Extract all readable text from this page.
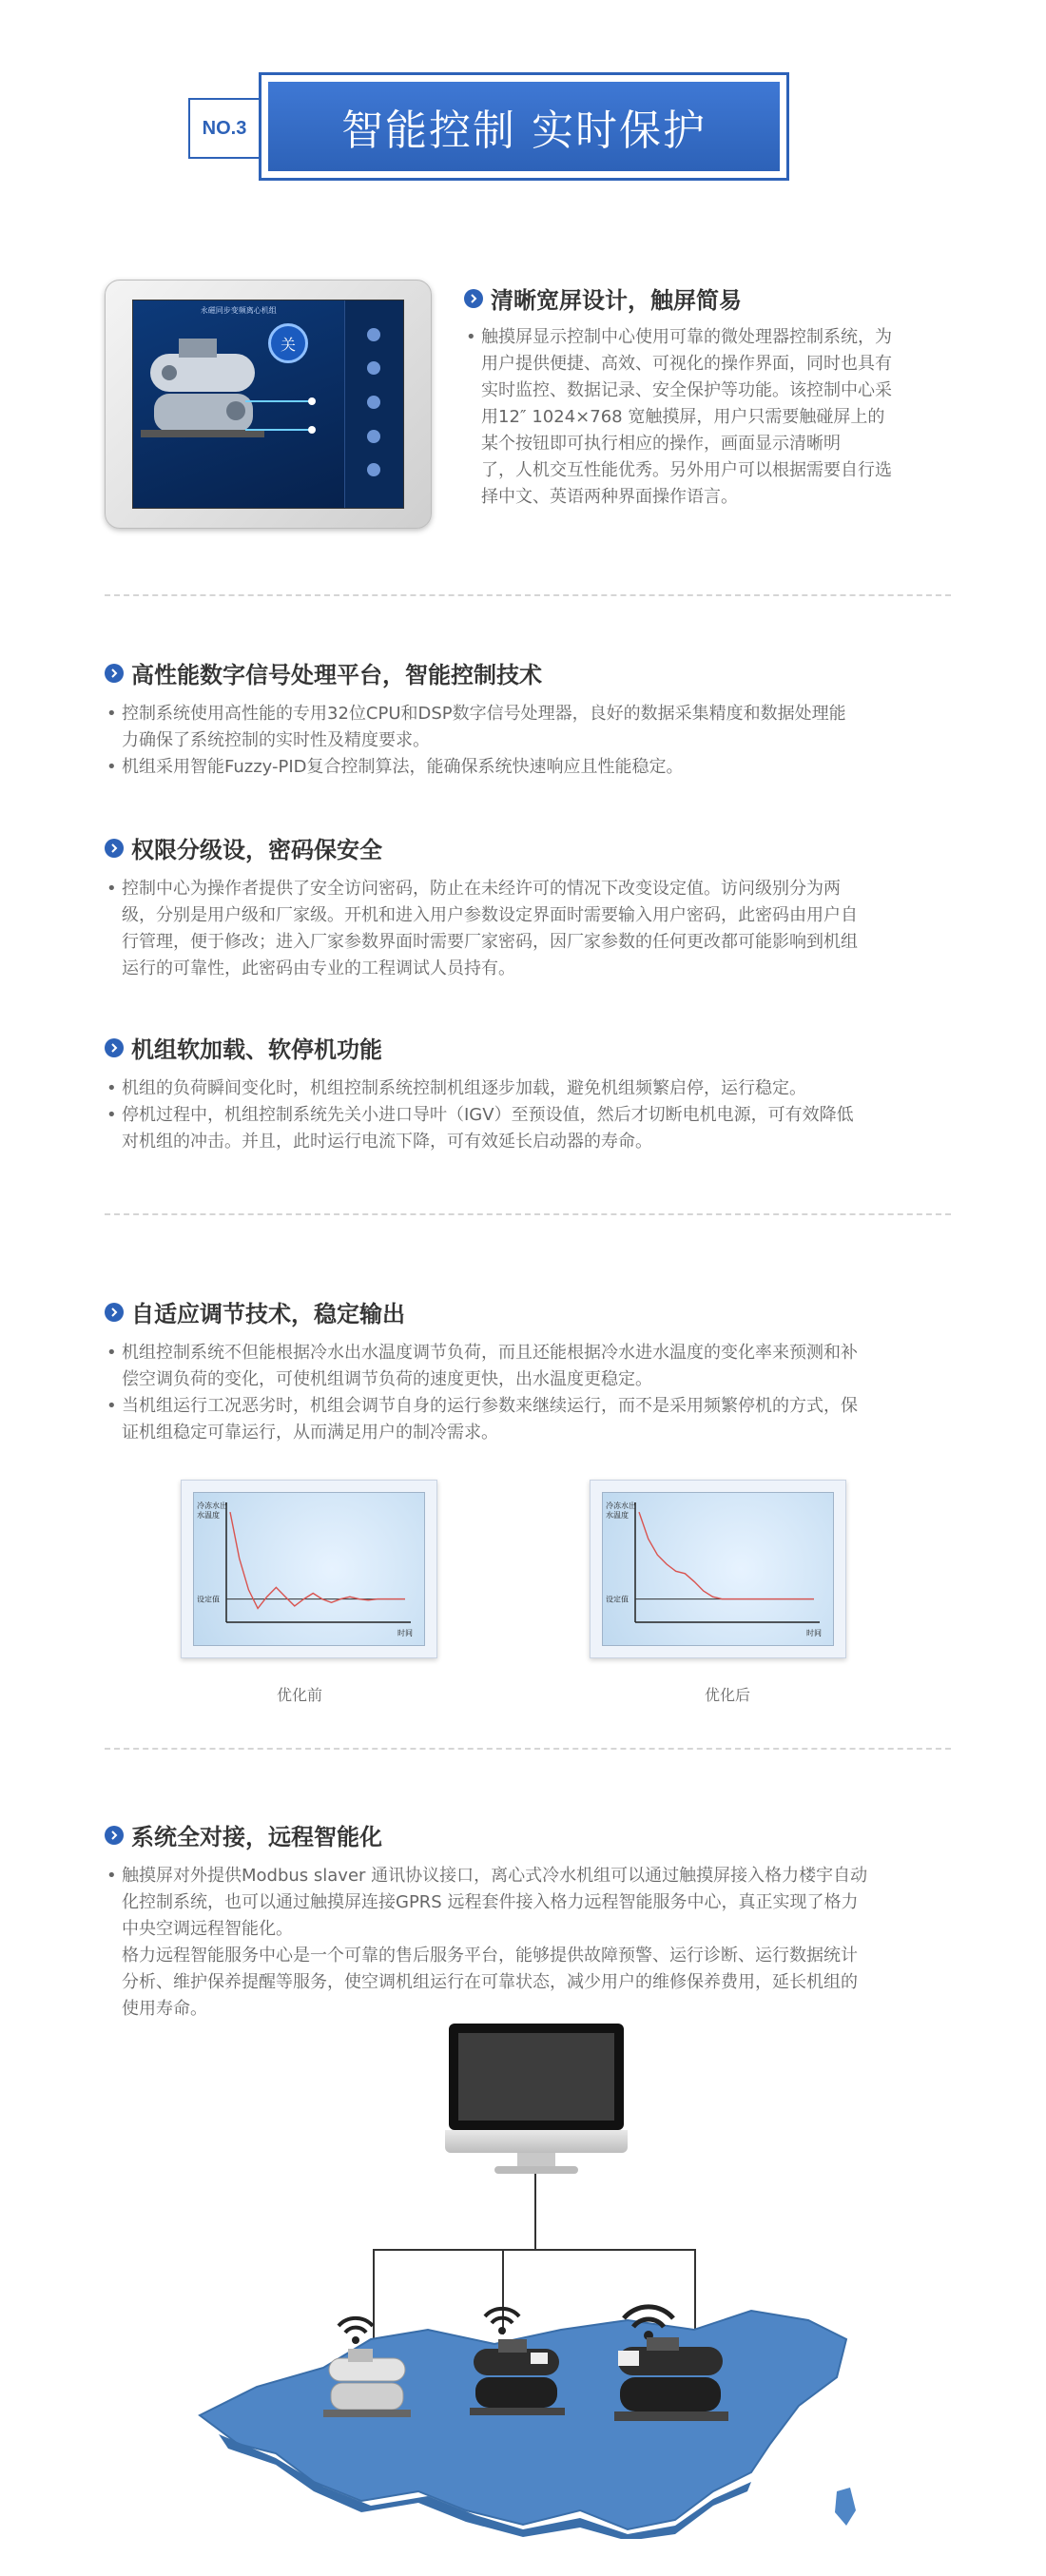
NO.3	智能控制 实时保护
永磁同步变频离心机组
关
清晰宽屏设计，触屏简易
• 触摸屏显示控制中心使用可靠的微处理器控制系统，为
用户提供便捷、高效、可视化的操作界面，同时也具有
实时监控、数据记录、安全保护等功能。该控制中心采
用12″ 1024×768 宽触摸屏，用户只需要触碰屏上的
某个按钮即可执行相应的操作，画面显示清晰明
了，人机交互性能优秀。另外用户可以根据需要自行选
择中文、英语两种界面操作语言。
高性能数字信号处理平台，智能控制技术
• 控制系统使用高性能的专用32位CPU和DSP数字信号处理器，良好的数据采集精度和数据处理能
力确保了系统控制的实时性及精度要求。
• 机组采用智能Fuzzy-PID复合控制算法，能确保系统快速响应且性能稳定。
权限分级设，密码保安全
• 控制中心为操作者提供了安全访问密码，防止在未经许可的情况下改变设定值。访问级别分为两
级，分别是用户级和厂家级。开机和进入用户参数设定界面时需要输入用户密码，此密码由用户自
行管理，便于修改；进入厂家参数界面时需要厂家密码，因厂家参数的任何更改都可能影响到机组
运行的可靠性，此密码由专业的工程调试人员持有。
机组软加载、软停机功能
• 机组的负荷瞬间变化时，机组控制系统控制机组逐步加载，避免机组频繁启停，运行稳定。
• 停机过程中，机组控制系统先关小进口导叶（IGV）至预设值，然后才切断电机电源，可有效降低
对机组的冲击。并且，此时运行电流下降，可有效延长启动器的寿命。
自适应调节技术，稳定输出
• 机组控制系统不但能根据冷水出水温度调节负荷，而且还能根据冷水进水温度的变化率来预测和补
偿空调负荷的变化，可使机组调节负荷的速度更快，出水温度更稳定。
• 当机组运行工况恶劣时，机组会调节自身的运行参数来继续运行，而不是采用频繁停机的方式，保
证机组稳定可靠运行，从而满足用户的制冷需求。
冷冻水出
水温度
设定值
时间
优化前
冷冻水出
水温度
设定值
时间
优化后
系统全对接，远程智能化
• 触摸屏对外提供Modbus slaver 通讯协议接口，离心式冷水机组可以通过触摸屏接入格力楼宇自动
化控制系统，也可以通过触摸屏连接GPRS 远程套件接入格力远程智能服务中心，真正实现了格力
中央空调远程智能化。
格力远程智能服务中心是一个可靠的售后服务平台，能够提供故障预警、运行诊断、运行数据统计
分析、维护保养提醒等服务，使空调机组运行在可靠状态，减少用户的维修保养费用，延长机组的
使用寿命。
